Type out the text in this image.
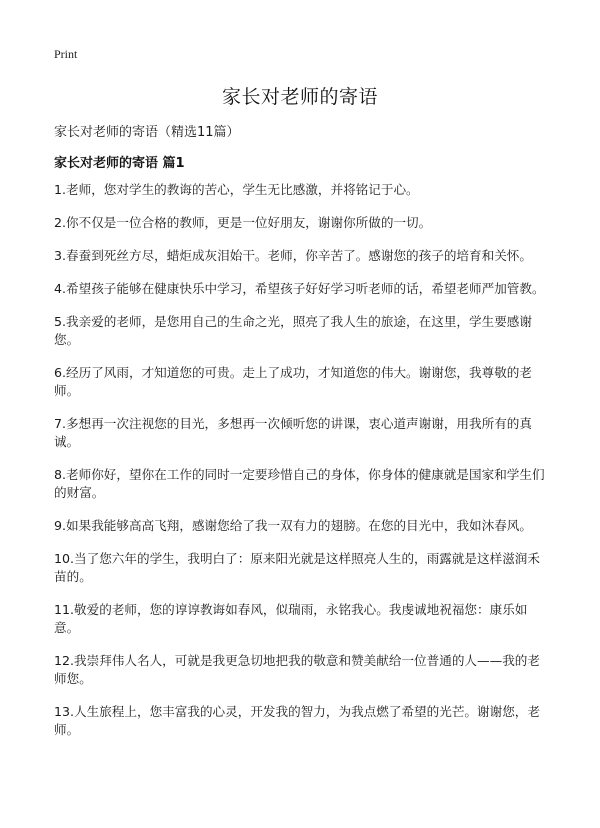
Print
家长对老师的寄语

家长对老师的寄语（精选11篇）

家长对老师的寄语 篇1
1.老师，您对学生的教诲的苦心，学生无比感激，并将铭记于心。
2.你不仅是一位合格的教师，更是一位好朋友，谢谢你所做的一切。
3.春蚕到死丝方尽，蜡炬成灰泪始干。老师，你辛苦了。感谢您的孩子的培育和关怀。
4.希望孩子能够在健康快乐中学习，希望孩子好好学习听老师的话，希望老师严加管教。
5.我亲爱的老师，是您用自己的生命之光，照亮了我人生的旅途，在这里，学生要感谢您。
6.经历了风雨，才知道您的可贵。走上了成功，才知道您的伟大。谢谢您，我尊敬的老师。
7.多想再一次注视您的目光，多想再一次倾听您的讲课，衷心道声谢谢，用我所有的真诚。
8.老师你好，望你在工作的同时一定要珍惜自己的身体，你身体的健康就是国家和学生们的财富。
9.如果我能够高高飞翔，感谢您给了我一双有力的翅膀。在您的目光中，我如沐春风。
10.当了您六年的学生，我明白了：原来阳光就是这样照亮人生的，雨露就是这样滋润禾苗的。
11.敬爱的老师，您的谆谆教诲如春风，似瑞雨，永铭我心。我虔诚地祝福您：康乐如意。
12.我崇拜伟人名人，可就是我更急切地把我的敬意和赞美献给一位普通的人——我的老师您。
13.人生旅程上，您丰富我的心灵，开发我的智力，为我点燃了希望的光芒。谢谢您，老师。
